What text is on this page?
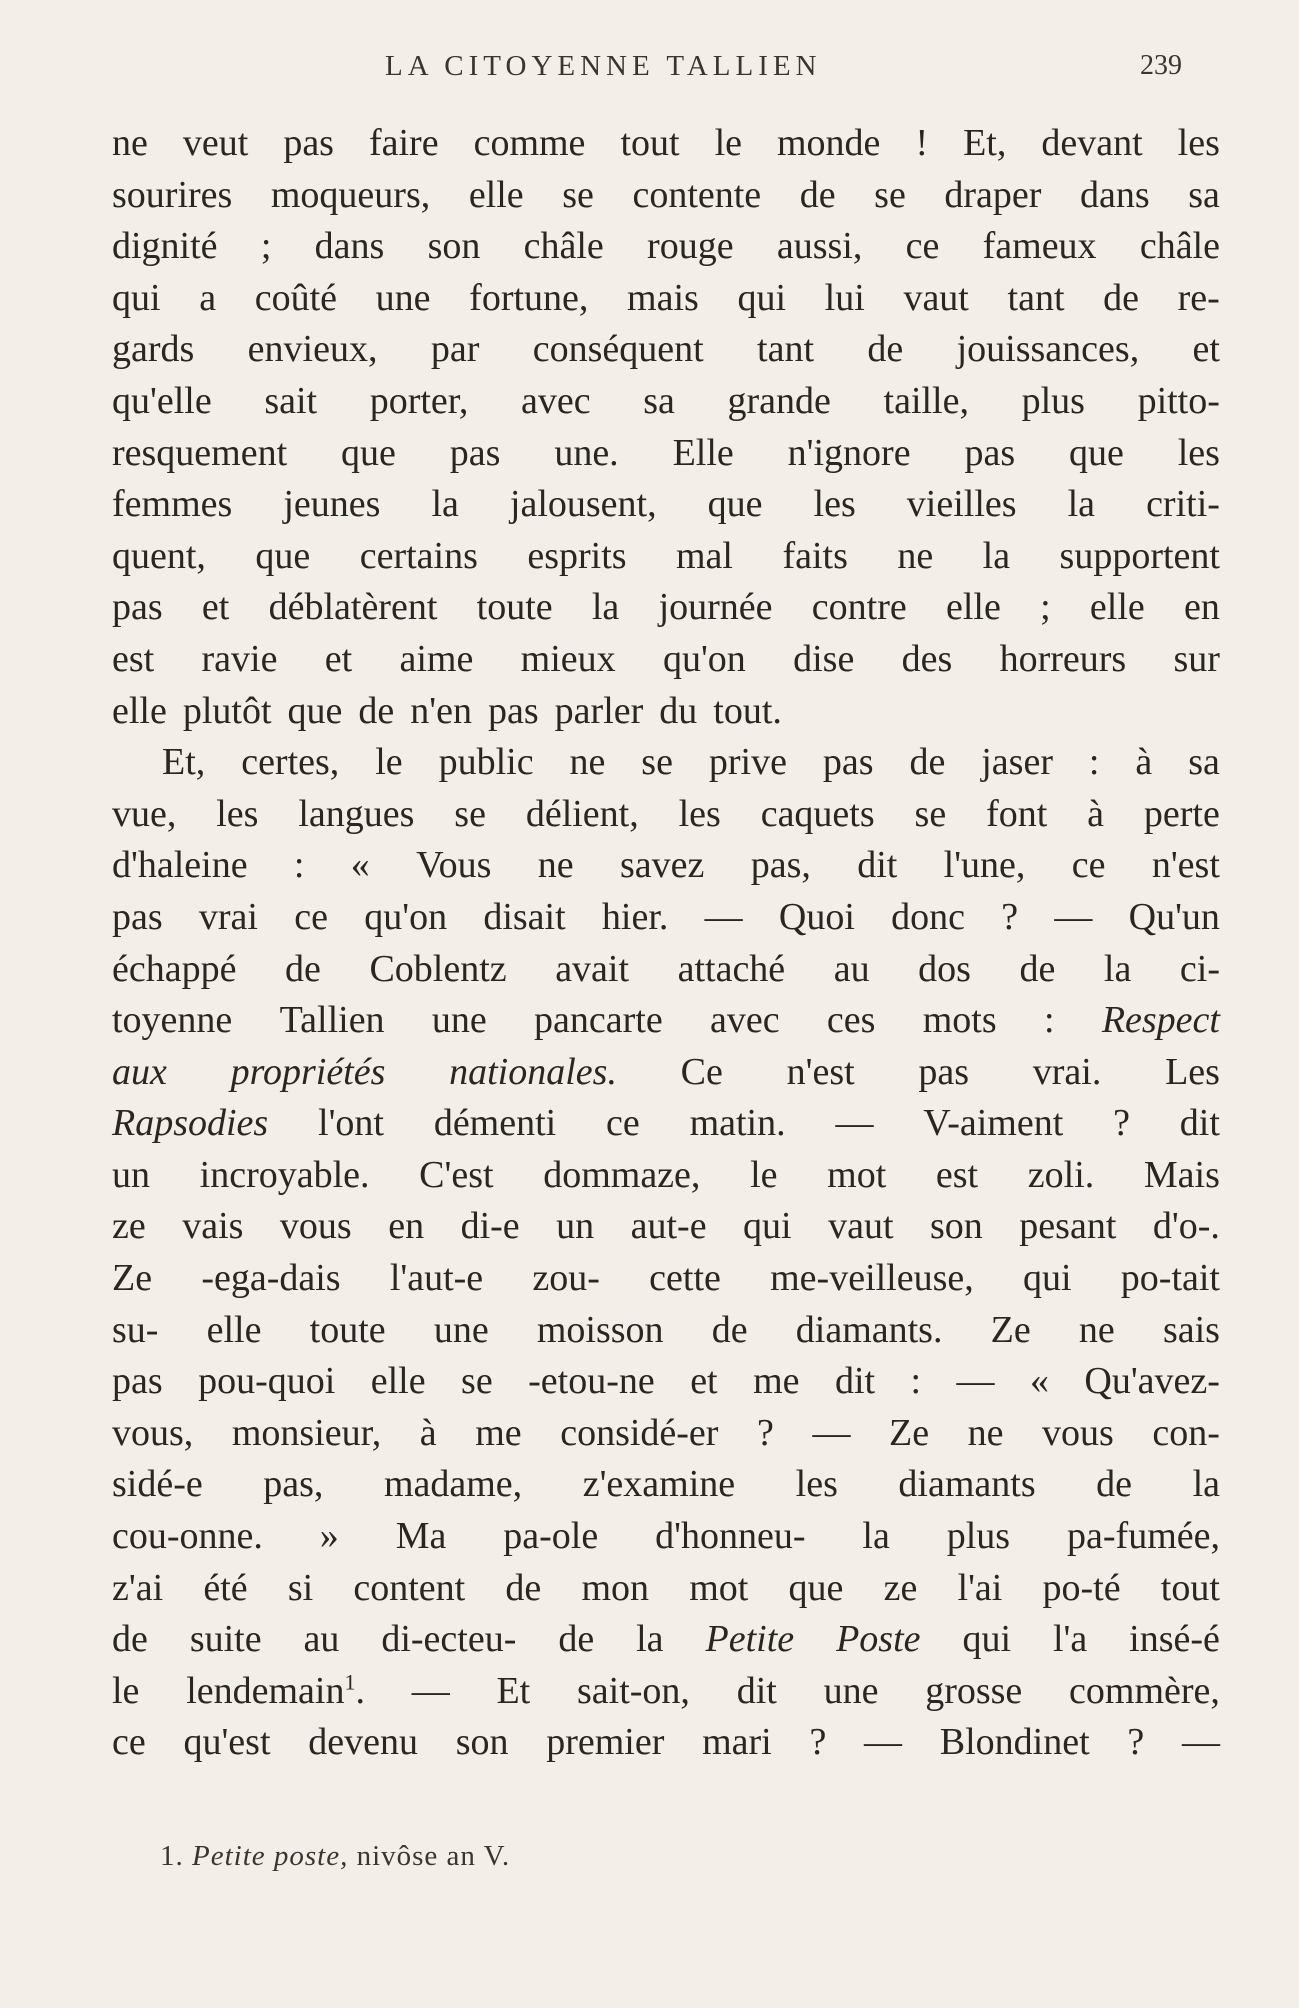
LA CITOYENNE TALLIEN	239
ne veut pas faire comme tout le monde ! Et, devant les
sourires moqueurs, elle se contente de se draper dans sa
dignité ; dans son châle rouge aussi, ce fameux châle
qui a coûté une fortune, mais qui lui vaut tant de re-
gards envieux, par conséquent tant de jouissances, et
qu'elle sait porter, avec sa grande taille, plus pitto-
resquement que pas une. Elle n'ignore pas que les
femmes jeunes la jalousent, que les vieilles la criti-
quent, que certains esprits mal faits ne la supportent
pas et déblatèrent toute la journée contre elle ; elle en
est ravie et aime mieux qu'on dise des horreurs sur
elle plutôt que de n'en pas parler du tout.
Et, certes, le public ne se prive pas de jaser : à sa
vue, les langues se délient, les caquets se font à perte
d'haleine : « Vous ne savez pas, dit l'une, ce n'est
pas vrai ce qu'on disait hier. — Quoi donc ? — Qu'un
échappé de Coblentz avait attaché au dos de la ci-
toyenne Tallien une pancarte avec ces mots : Respect
aux propriétés nationales. Ce n'est pas vrai. Les
Rapsodies l'ont démenti ce matin. — V-aiment ? dit
un incroyable. C'est dommaze, le mot est zoli. Mais
ze vais vous en di-e un aut-e qui vaut son pesant d'o-.
Ze -ega-dais l'aut-e zou- cette me-veilleuse, qui po-tait
su- elle toute une moisson de diamants. Ze ne sais
pas pou-quoi elle se -etou-ne et me dit : — « Qu'avez-
vous, monsieur, à me considé-er ? — Ze ne vous con-
sidé-e pas, madame, z'examine les diamants de la
cou-onne. » Ma pa-ole d'honneu- la plus pa-fumée,
z'ai été si content de mon mot que ze l'ai po-té tout
de suite au di-ecteu- de la Petite Poste qui l'a insé-é
le lendemain$^1$. — Et sait-on, dit une grosse commère,
ce qu'est devenu son premier mari ? — Blondinet ? —
1. Petite poste, nivôse an V.
